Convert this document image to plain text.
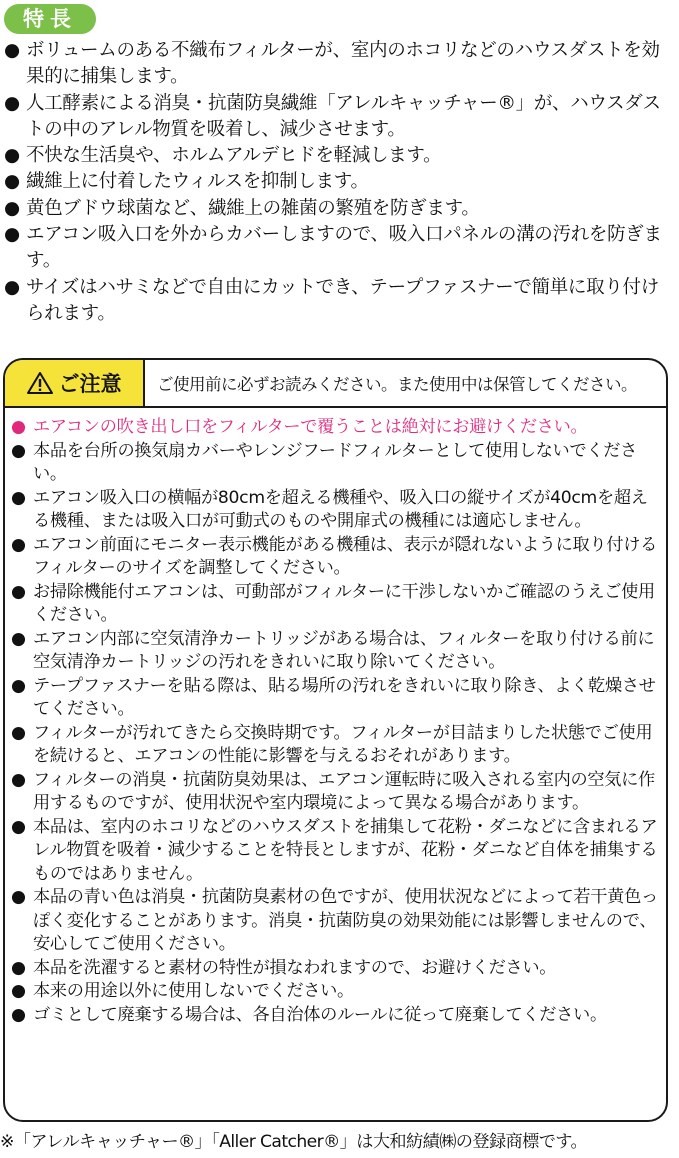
特長
● ボリュームのある不織布フィルターが、室内のホコリなどのハウスダストを効果的に捕集します。
● 人工酵素による消臭・抗菌防臭繊維「アレルキャッチャー®」が、ハウスダストの中のアレル物質を吸着し、減少させます。
● 不快な生活臭や、ホルムアルデヒドを軽減します。
● 繊維上に付着したウィルスを抑制します。
● 黄色ブドウ球菌など、繊維上の雑菌の繁殖を防ぎます。
● エアコン吸入口を外からカバーしますので、吸入口パネルの溝の汚れを防ぎます。
● サイズはハサミなどで自由にカットでき、テープファスナーで簡単に取り付けられます。
ご注意	ご使用前に必ずお読みください。また使用中は保管してください。
● エアコンの吹き出し口をフィルターで覆うことは絶対にお避けください。
● 本品を台所の換気扇カバーやレンジフードフィルターとして使用しないでください。
● エアコン吸入口の横幅が80cmを超える機種や、吸入口の縦サイズが40cmを超える機種、または吸入口が可動式のものや開扉式の機種には適応しません。
● エアコン前面にモニター表示機能がある機種は、表示が隠れないように取り付けるフィルターのサイズを調整してください。
● お掃除機能付エアコンは、可動部がフィルターに干渉しないかご確認のうえご使用ください。
● エアコン内部に空気清浄カートリッジがある場合は、フィルターを取り付ける前に空気清浄カートリッジの汚れをきれいに取り除いてください。
● テープファスナーを貼る際は、貼る場所の汚れをきれいに取り除き、よく乾燥させてください。
● フィルターが汚れてきたら交換時期です。フィルターが目詰まりした状態でご使用を続けると、エアコンの性能に影響を与えるおそれがあります。
● フィルターの消臭・抗菌防臭効果は、エアコン運転時に吸入される室内の空気に作用するものですが、使用状況や室内環境によって異なる場合があります。
● 本品は、室内のホコリなどのハウスダストを捕集して花粉・ダニなどに含まれるアレル物質を吸着・減少することを特長としますが、花粉・ダニなど自体を捕集するものではありません。
● 本品の青い色は消臭・抗菌防臭素材の色ですが、使用状況などによって若干黄色っぽく変化することがあります。消臭・抗菌防臭の効果効能には影響しませんので、安心してご使用ください。
● 本品を洗濯すると素材の特性が損なわれますので、お避けください。
● 本来の用途以外に使用しないでください。
● ゴミとして廃棄する場合は、各自治体のルールに従って廃棄してください。
※「アレルキャッチャー®」「Aller Catcher®」は大和紡績㈱の登録商標です。
